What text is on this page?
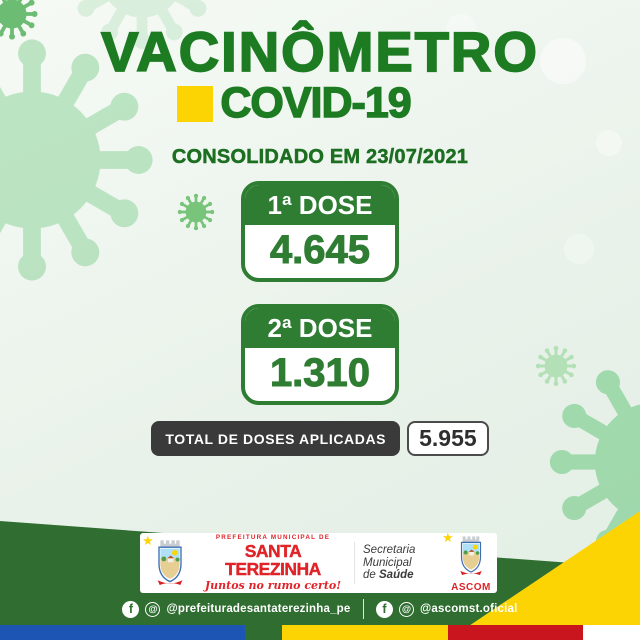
VACINÔMETRO
COVID-19
CONSOLIDADO EM 23/07/2021
1ª DOSE
4.645
2ª DOSE
1.310
TOTAL DE DOSES APLICADAS	5.955
★	PREFEITURA MUNICIPAL DE
SANTA TEREZINHA
Juntos no rumo certo!
Secretaria
Municipal
de Saúde
★
ASCOM
f	@ @prefeituradesantaterezinha_pe	f	@ @ascomst.oficial
